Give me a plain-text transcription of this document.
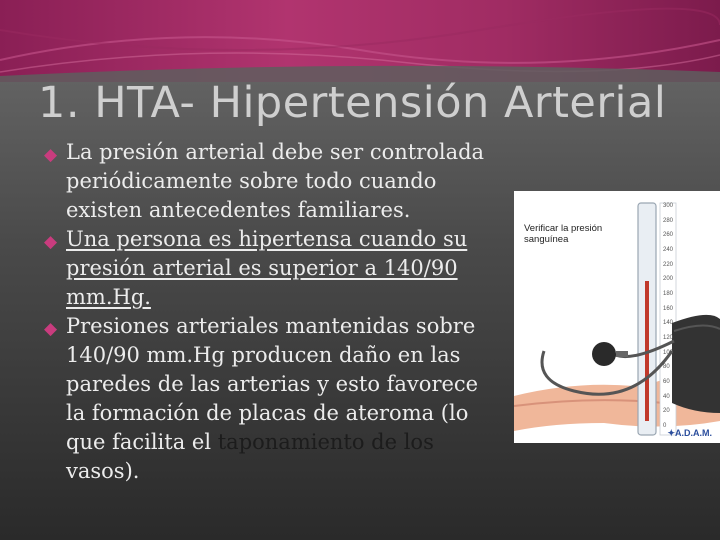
1. HTA- Hipertensión Arterial
◆ La presión arterial debe ser controlada periódicamente sobre todo cuando existen antecedentes familiares.
◆ Una persona es hipertensa cuando su presión arterial es superior a 140/90 mm.Hg.
◆ Presiones arteriales mantenidas sobre 140/90 mm.Hg producen daño en las paredes de las arterias y esto favorece la formación de placas de ateroma (lo que facilita el taponamiento de los vasos).
Verificar la presión sanguínea
300
280
260
240
220
200
180
160
140
120
100
80
60
40
20
0
✦A.D.A.M.
